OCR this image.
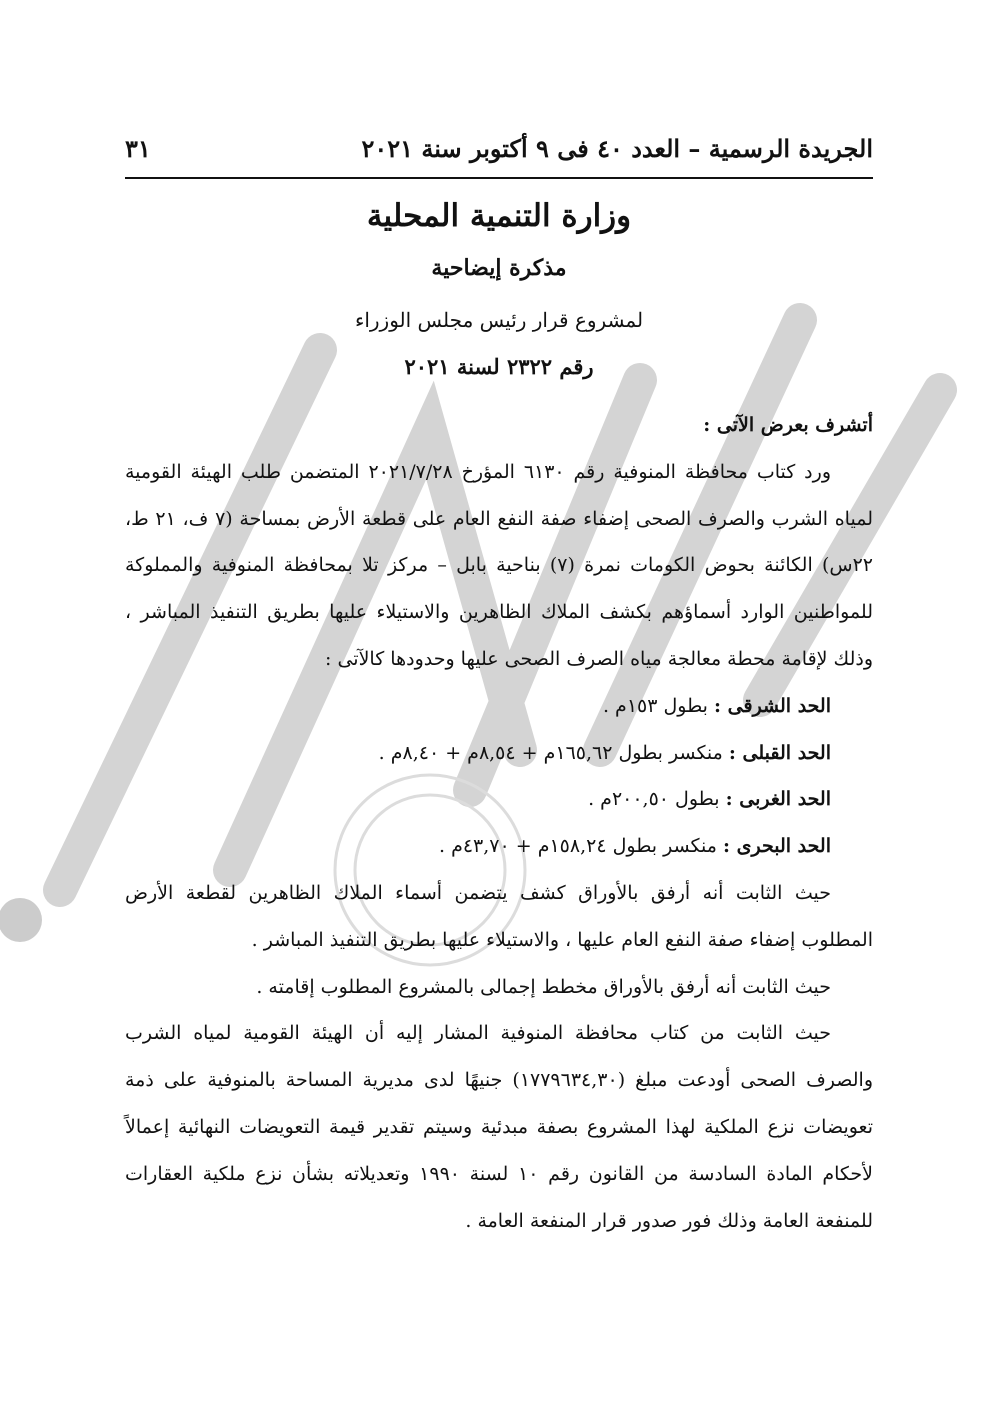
الجريدة الرسمية – العدد ٤٠ فى ٩ أكتوبر سنة ٢٠٢١
٣١
وزارة التنمية المحلية
مذكرة إيضاحية
لمشروع قرار رئيس مجلس الوزراء
رقم ٢٣٢٢ لسنة ٢٠٢١

أتشرف بعرض الآتى :

ورد كتاب محافظة المنوفية رقم ٦١٣٠ المؤرخ ٢٠٢١/٧/٢٨ المتضمن طلب الهيئة القومية لمياه الشرب والصرف الصحى إضفاء صفة النفع العام على قطعة الأرض بمساحة (٧ ف، ٢١ ط، ٢٢س) الكائنة بحوض الكومات نمرة (٧) بناحية بابل – مركز تلا بمحافظة المنوفية والمملوكة للمواطنين الوارد أسماؤهم بكشف الملاك الظاهرين والاستيلاء عليها بطريق التنفيذ المباشر ، وذلك لإقامة محطة معالجة مياه الصرف الصحى عليها وحدودها كالآتى :

الحد الشرقى : بطول ١٥٣م .

الحد القبلى : منكسر بطول ١٦٥,٦٢م + ٨,٥٤م + ٨,٤٠م .

الحد الغربى : بطول ٢٠٠,٥٠م .

الحد البحرى : منكسر بطول ١٥٨,٢٤م + ٤٣,٧٠م .

حيث الثابت أنه أرفق بالأوراق كشف يتضمن أسماء الملاك الظاهرين لقطعة الأرض المطلوب إضفاء صفة النفع العام عليها ، والاستيلاء عليها بطريق التنفيذ المباشر .

حيث الثابت أنه أرفق بالأوراق مخطط إجمالى بالمشروع المطلوب إقامته .

حيث الثابت من كتاب محافظة المنوفية المشار إليه أن الهيئة القومية لمياه الشرب والصرف الصحى أودعت مبلغ (١٧٧٩٦٣٤,٣٠) جنيهًا لدى مديرية المساحة بالمنوفية على ذمة تعويضات نزع الملكية لهذا المشروع بصفة مبدئية وسيتم تقدير قيمة التعويضات النهائية إعمالاً لأحكام المادة السادسة من القانون رقم ١٠ لسنة ١٩٩٠ وتعديلاته بشأن نزع ملكية العقارات للمنفعة العامة وذلك فور صدور قرار المنفعة العامة .
